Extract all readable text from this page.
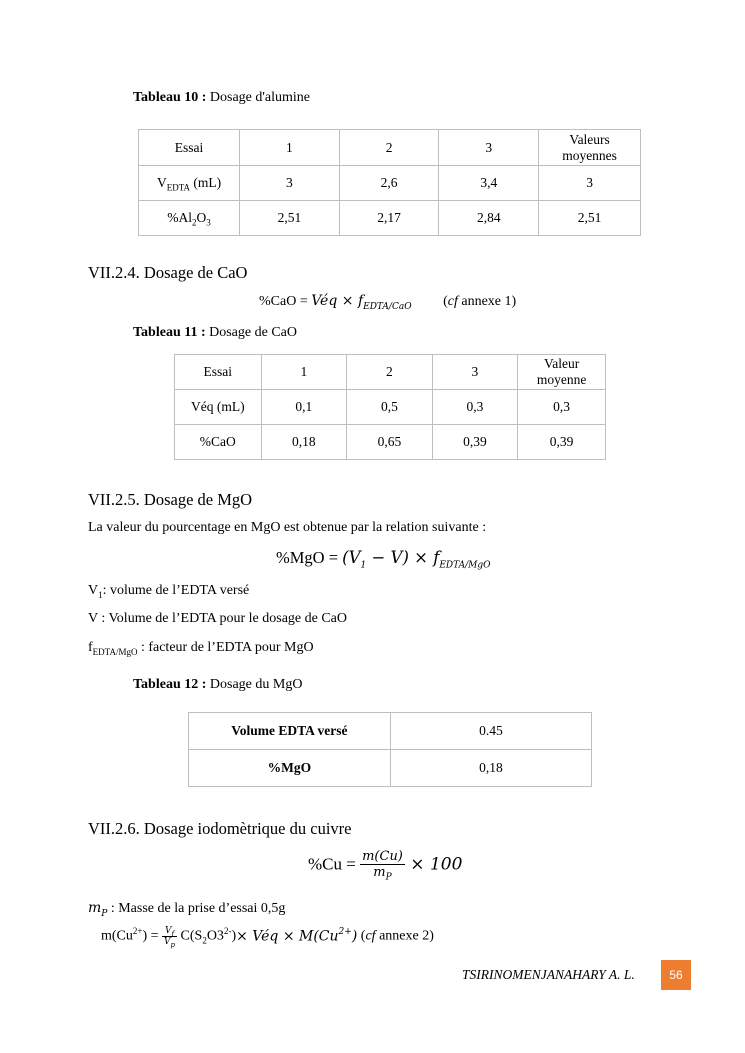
Tableau 10 : Dosage d'alumine
Essai	1	2	3	Valeurs moyennes
$V_{EDTA}$ (mL)	3	2,6	3,4	3
$\%Al_2O_3$	2,51	2,17	2,84	2,51
VII.2.4. Dosage de CaO
%CaO = Véq × $f_{EDTA/CaO}$ (cf annexe 1)
Tableau 11 : Dosage de CaO
Essai	1	2	3	Valeur moyenne
Véq (mL)	0,1	0,5	0,3	0,3
%CaO	0,18	0,65	0,39	0,39
VII.2.5. Dosage de MgO
La valeur du pourcentage en MgO est obtenue par la relation suivante :
$\%MgO = (V_1 - V) \times f_{EDTA/MgO}$
$V_1$: volume de l’EDTA versé
V : Volume de l’EDTA pour le dosage de CaO
$f_{EDTA/MgO}$ : facteur de l’EDTA pour MgO
Tableau 12 : Dosage du MgO
Volume EDTA versé	0.45
%MgO	0,18
VII.2.6. Dosage iodomètrique du cuivre
$\%Cu = \frac{m(Cu)}{m_P} \times 100$
$m_P$ : Masse de la prise d’essai 0,5g
$m(Cu^{2+}) = \frac{V_f}{V_p} C(S_2O3^{2-})\times$ Véq × $M(Cu^{2+})$ (cf annexe 2)
TSIRINOMENJANAHARY A. L.	56
